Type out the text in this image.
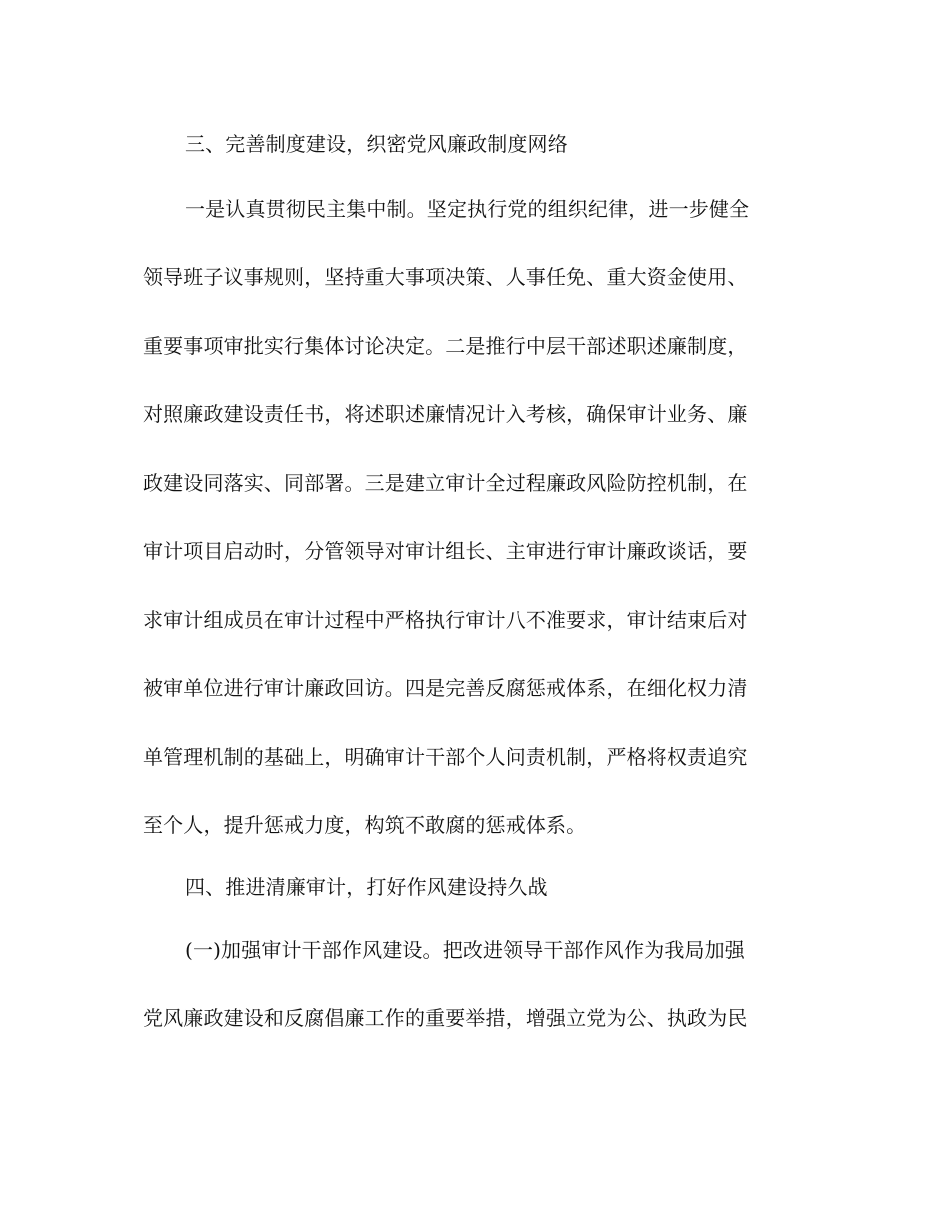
三、完善制度建设，织密党风廉政制度网络
一是认真贯彻民主集中制。坚定执行党的组织纪律，进一步健全
领导班子议事规则，坚持重大事项决策、人事任免、重大资金使用、
重要事项审批实行集体讨论决定。二是推行中层干部述职述廉制度，
对照廉政建设责任书，将述职述廉情况计入考核，确保审计业务、廉
政建设同落实、同部署。三是建立审计全过程廉政风险防控机制，在
审计项目启动时，分管领导对审计组长、主审进行审计廉政谈话，要
求审计组成员在审计过程中严格执行审计八不准要求，审计结束后对
被审单位进行审计廉政回访。四是完善反腐惩戒体系，在细化权力清
单管理机制的基础上，明确审计干部个人问责机制，严格将权责追究
至个人，提升惩戒力度，构筑不敢腐的惩戒体系。
四、推进清廉审计，打好作风建设持久战
(一)加强审计干部作风建设。把改进领导干部作风作为我局加强
党风廉政建设和反腐倡廉工作的重要举措，增强立党为公、执政为民
